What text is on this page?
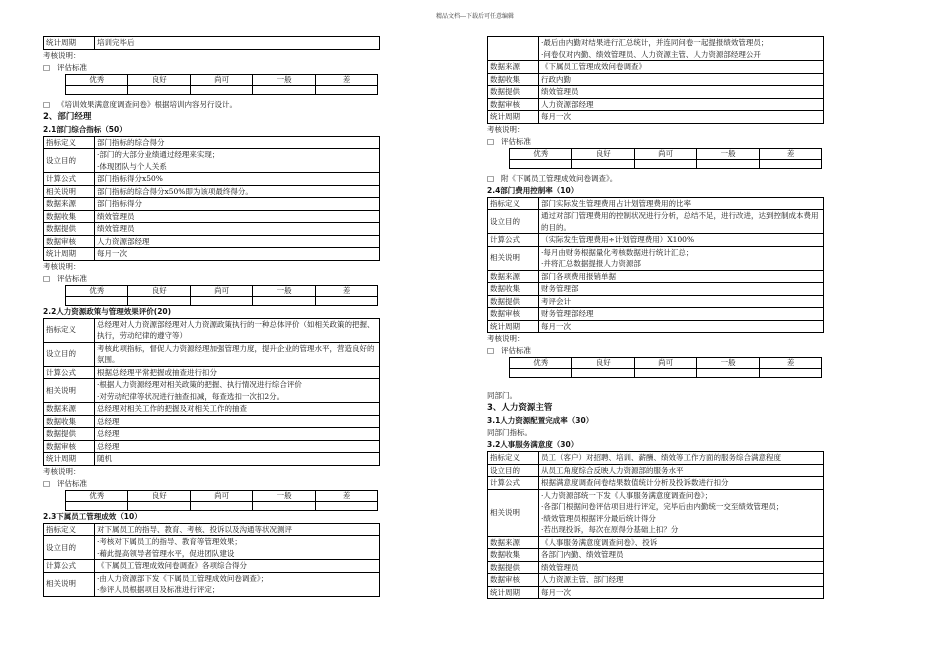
精品文档---下载后可任意编辑
统计周期	培训完毕后
考核说明：
□ 评估标准
优秀	良好	尚可	一般	差

□ 《培训效果满意度调查问卷》根据培训内容另行设计。
2、部门经理
2.1部门综合指标（50）
指标定义	部门指标的综合得分

设立目的	·部门的大部分业绩通过经理来实现；
·体现团队与个人关系

计算公式	部门指标得分x50%

相关说明	部门指标的综合得分x50%即为该项最终得分。

数据来源	部门指标得分

数据收集	绩效管理员

数据提供	绩效管理员

数据审核	人力资源部经理

统计周期	每月一次
考核说明：
□ 评估标准
优秀	良好	尚可	一般	差

2.2人力资源政策与管理效果评价(20)
指标定义	总经理对人力资源部经理对人力资源政策执行的一种总体评价（如相关政策的把握、执行，劳动纪律的遵守等）

设立目的	考核此项指标，督促人力资源经理加强管理力度，提升企业的管理水平，营造良好的氛围。

计算公式	根据总经理平常把握或抽查进行扣分

相关说明	·根据人力资源经理对相关政策的把握、执行情况进行综合评价
·对劳动纪律等状况进行抽查扣减，每查选扣一次扣2分。

数据来源	总经理对相关工作的把握及对相关工作的抽查

数据收集	总经理

数据提供	总经理

数据审核	总经理

统计周期	随机
考核说明：
□ 评估标准
优秀	良好	尚可	一般	差

2.3下属员工管理成效（10）
指标定义	对下属员工的指导、教育、考核、投诉以及沟通等状况测评

设立目的	·考核对下属员工的指导、教育等管理效果；
·藉此提高领导者管理水平，促进团队建设

计算公式	《下属员工管理成效问卷调查》各项综合得分

相关说明	·由人力资源部下发《下属员工管理成效问卷调查》；
·参评人员根据项目及标准进行评定；

	·最后由内勤对结果进行汇总统计，并连同问卷一起提报绩效管理员；
·问卷仅对内勤、绩效管理员、人力资源主管、人力资源部经理公开

数据来源	《下属员工管理成效问卷调查》

数据收集	行政内勤

数据提供	绩效管理员

数据审核	人力资源部经理

统计周期	每月一次
考核说明：
□ 评估标准
优秀	良好	尚可	一般	差

□ 附《下属员工管理成效问卷调查》。
2.4部门费用控制率（10）
指标定义	部门实际发生管理费用占计划管理费用的比率

设立目的	通过对部门管理费用的控制状况进行分析，总结不足，进行改进，达到控制成本费用的目的。

计算公式	（实际发生管理费用÷计划管理费用）X100%

相关说明	·每月由财务根据量化考核数据进行统计汇总；
·并将汇总数据提报人力资源部

数据来源	部门各项费用报销单据

数据收集	财务管理部

数据提供	考评会计

数据审核	财务管理部经理

统计周期	每月一次
考核说明：
□ 评估标准
优秀	良好	尚可	一般	差

同部门。
3、人力资源主管
3.1人力资源配置完成率（30）
同部门指标。
3.2人事服务满意度（30）
指标定义	员工（客户）对招聘、培训、薪酬、绩效等工作方面的服务综合满意程度

设立目的	从员工角度综合反映人力资源部的服务水平

计算公式	根据满意度调查问卷结果数值统计分析及投诉数进行扣分

相关说明	·人力资源部统一下发《人事服务满意度调查问卷》；
·各部门根据问卷评估项目进行评定，完毕后由内勤统一交至绩效管理员；
·绩效管理员根据评分最后统计得分
·若出现投诉，每次在原得分基础上扣？分

数据来源	《人事服务满意度调查问卷》、投诉

数据收集	各部门内勤、绩效管理员

数据提供	绩效管理员

数据审核	人力资源主管、部门经理

统计周期	每月一次
